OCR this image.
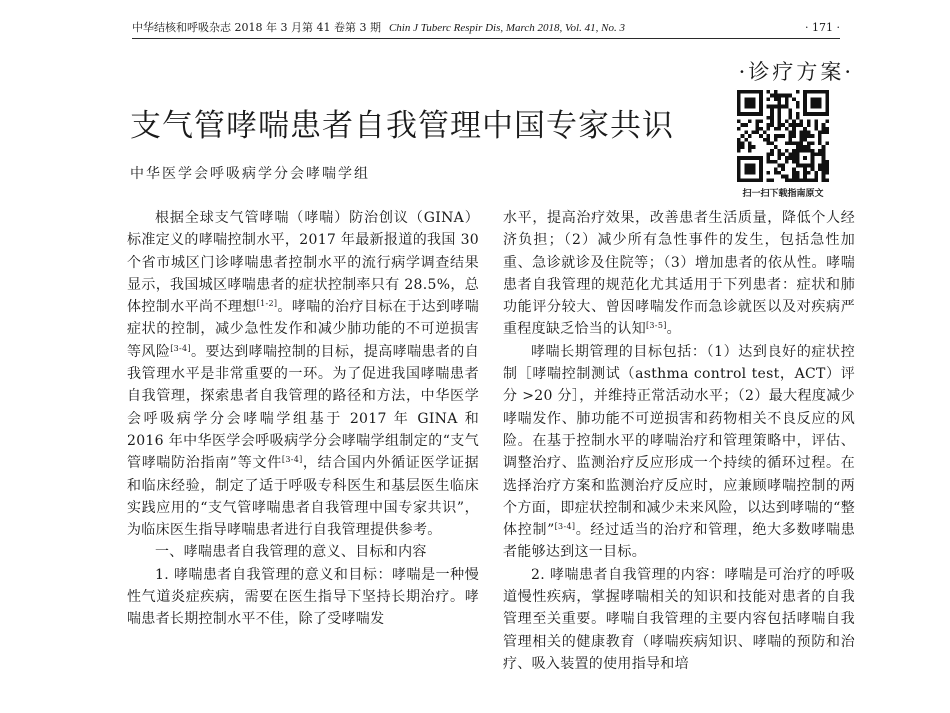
中华结核和呼吸杂志 2018 年 3 月第 41 卷第 3 期 Chin J Tuberc Respir Dis, March 2018, Vol. 41, No. 3	· 171 ·
·诊疗方案·
支气管哮喘患者自我管理中国专家共识
中华医学会呼吸病学分会哮喘学组
扫一扫下载指南原文

根据全球支气管哮喘（哮喘）防治创议（GINA）标准定义的哮喘控制水平，2017 年最新报道的我国 30 个省市城区门诊哮喘患者控制水平的流行病学调查结果显示，我国城区哮喘患者的症状控制率只有 28.5%，总体控制水平尚不理想[1-2]。哮喘的治疗目标在于达到哮喘症状的控制，减少急性发作和减少肺功能的不可逆损害等风险[3-4]。要达到哮喘控制的目标，提高哮喘患者的自我管理水平是非常重要的一环。为了促进我国哮喘患者自我管理，探索患者自我管理的路径和方法，中华医学会呼吸病学分会哮喘学组基于 2017 年 GINA 和 2016 年中华医学会呼吸病学分会哮喘学组制定的“支气管哮喘防治指南”等文件[3-4]，结合国内外循证医学证据和临床经验，制定了适于呼吸专科医生和基层医生临床实践应用的“支气管哮喘患者自我管理中国专家共识”，为临床医生指导哮喘患者进行自我管理提供参考。

一、哮喘患者自我管理的意义、目标和内容

1. 哮喘患者自我管理的意义和目标：哮喘是一种慢性气道炎症疾病，需要在医生指导下坚持长期治疗。哮喘患者长期控制水平不佳，除了受哮喘发

水平，提高治疗效果，改善患者生活质量，降低个人经济负担；（2）减少所有急性事件的发生，包括急性加重、急诊就诊及住院等；（3）增加患者的依从性。哮喘患者自我管理的规范化尤其适用于下列患者：症状和肺功能评分较大、曾因哮喘发作而急诊就医以及对疾病严重程度缺乏恰当的认知[3-5]。

哮喘长期管理的目标包括：（1）达到良好的症状控制［哮喘控制测试（asthma control test，ACT）评分 >20 分］，并维持正常活动水平；（2）最大程度减少哮喘发作、肺功能不可逆损害和药物相关不良反应的风险。在基于控制水平的哮喘治疗和管理策略中，评估、调整治疗、监测治疗反应形成一个持续的循环过程。在选择治疗方案和监测治疗反应时，应兼顾哮喘控制的两个方面，即症状控制和减少未来风险，以达到哮喘的“整体控制”[3-4]。经过适当的治疗和管理，绝大多数哮喘患者能够达到这一目标。

2. 哮喘患者自我管理的内容：哮喘是可治疗的呼吸道慢性疾病，掌握哮喘相关的知识和技能对患者的自我管理至关重要。哮喘自我管理的主要内容包括哮喘自我管理相关的健康教育（哮喘疾病知识、哮喘的预防和治疗、吸入装置的使用指导和培
